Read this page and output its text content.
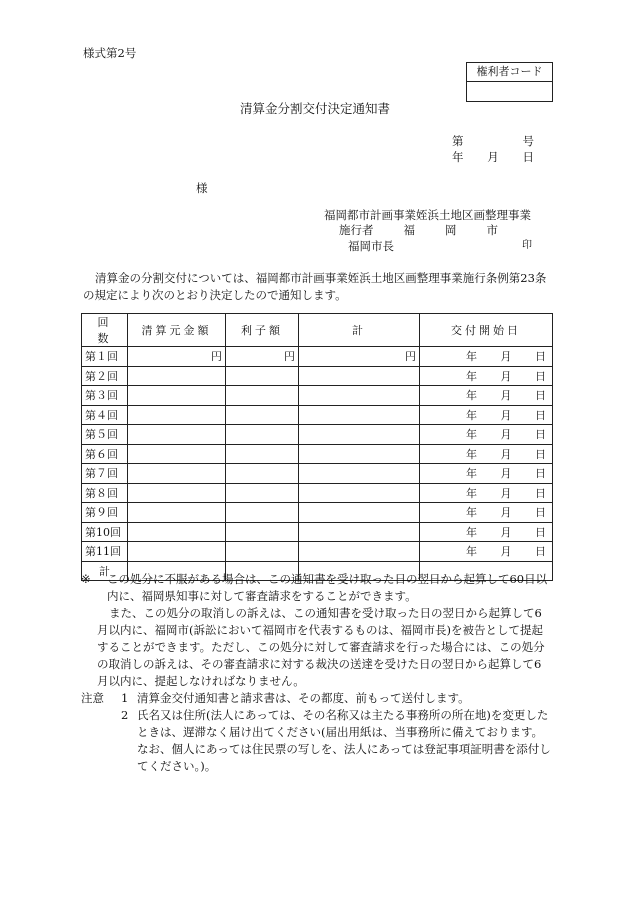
様式第2号
権利者コード
清算金分割交付決定通知書
第	号
年 月 日
様
福岡都市計画事業姪浜土地区画整理事業
施行者	福	岡	市
福岡市長	印
清算金の分割交付については、福岡都市計画事業姪浜土地区画整理事業施行条例第23条の規定により次のとおり決定したので通知します。
回　数	清算元金額	利子額	計	交付開始日
第１回	円	円	円	年 月 日

第２回				年 月 日

第３回				年 月 日

第４回				年 月 日

第５回				年 月 日

第６回				年 月 日

第７回				年 月 日

第８回				年 月 日

第９回				年 月 日

第10回				年 月 日

第11回				年 月 日

計				
※	この処分に不服がある場合は、この通知書を受け取った日の翌日から起算して60日以内に、福岡県知事に対して審査請求をすることができます。
また、この処分の取消しの訴えは、この通知書を受け取った日の翌日から起算して6月以内に、福岡市(訴訟において福岡市を代表するものは、福岡市長)を被告として提起することができます。ただし、この処分に対して審査請求を行った場合には、この処分の取消しの訴えは、その審査請求に対する裁決の送達を受けた日の翌日から起算して6月以内に、提起しなければなりません。
注意	1 清算金交付通知書と請求書は、その都度、前もって送付します。
2 氏名又は住所(法人にあっては、その名称又は主たる事務所の所在地)を変更したときは、遅滞なく届け出てください(届出用紙は、当事務所に備えております。なお、個人にあっては住民票の写しを、法人にあっては登記事項証明書を添付してください。)。
